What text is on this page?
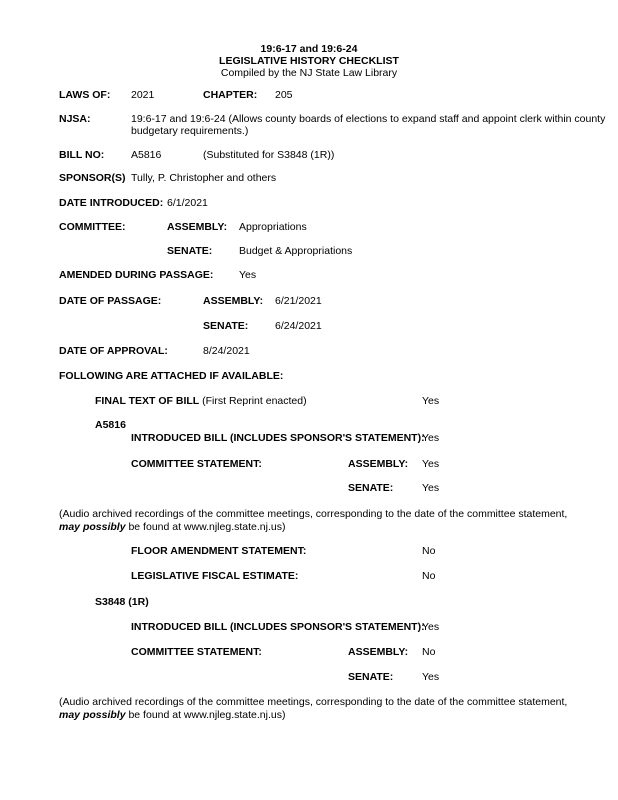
19:6-17 and 19:6-24
LEGISLATIVE HISTORY CHECKLIST
Compiled by the NJ State Law Library
LAWS OF: 2021	CHAPTER: 205
NJSA:	19:6-17 and 19:6-24 (Allows county boards of elections to expand staff and appoint clerk within county
budgetary requirements.)
BILL NO:	A5816	(Substituted for S3848 (1R))
SPONSOR(S) Tully, P. Christopher and others
DATE INTRODUCED: 6/1/2021
COMMITTEE:	ASSEMBLY: Appropriations
SENATE:	Budget & Appropriations
AMENDED DURING PASSAGE: Yes
DATE OF PASSAGE:	ASSEMBLY: 6/21/2021
SENATE:	6/24/2021
DATE OF APPROVAL:	8/24/2021
FOLLOWING ARE ATTACHED IF AVAILABLE:
FINAL TEXT OF BILL (First Reprint enacted)	Yes
A5816
INTRODUCED BILL (INCLUDES SPONSOR'S STATEMENT):
Yes
COMMITTEE STATEMENT:	ASSEMBLY: Yes
SENATE:	Yes
(Audio archived recordings of the committee meetings, corresponding to the date of the committee statement, may possibly be found at www.njleg.state.nj.us)
FLOOR AMENDMENT STATEMENT:	No
LEGISLATIVE FISCAL ESTIMATE:	No
S3848 (1R)
INTRODUCED BILL (INCLUDES SPONSOR'S STATEMENT):
Yes
COMMITTEE STATEMENT:	ASSEMBLY: No
SENATE:	Yes
(Audio archived recordings of the committee meetings, corresponding to the date of the committee statement, may possibly be found at www.njleg.state.nj.us)
